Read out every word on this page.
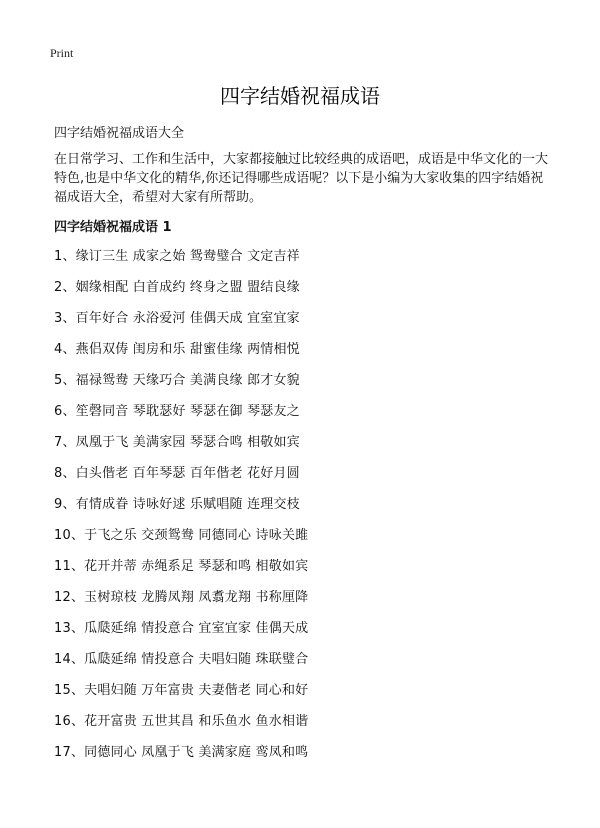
Print
四字结婚祝福成语

四字结婚祝福成语大全

在日常学习、工作和生活中，大家都接触过比较经典的成语吧，成语是中华文化的一大特色,也是中华文化的精华,你还记得哪些成语呢？以下是小编为大家收集的四字结婚祝福成语大全，希望对大家有所帮助。

四字结婚祝福成语 1
1、缘订三生 成家之始 鸳鸯璧合 文定吉祥
2、姻缘相配 白首成约 终身之盟 盟结良缘
3、百年好合 永浴爱河 佳偶天成 宜室宜家
4、燕侣双俦 闺房和乐 甜蜜佳缘 两情相悦
5、福禄鸳鸯 天缘巧合 美满良缘 郎才女貌
6、笙磬同音 琴耽瑟好 琴瑟在御 琴瑟友之
7、凤凰于飞 美满家园 琴瑟合鸣 相敬如宾
8、白头偕老 百年琴瑟 百年偕老 花好月圆
9、有情成眷 诗咏好逑 乐赋唱随 连理交枝
10、于飞之乐 交颈鸳鸯 同德同心 诗咏关雎
11、花开并蒂 赤绳系足 琴瑟和鸣 相敬如宾
12、玉树琼枝 龙腾凤翔 凤翥龙翔 书称厘降
13、瓜瓞延绵 情投意合 宜室宜家 佳偶天成
14、瓜瓞延绵 情投意合 夫唱妇随 珠联璧合
15、夫唱妇随 万年富贵 夫妻偕老 同心和好
16、花开富贵 五世其昌 和乐鱼水 鱼水相谐
17、同德同心 凤凰于飞 美满家庭 鸾凤和鸣
